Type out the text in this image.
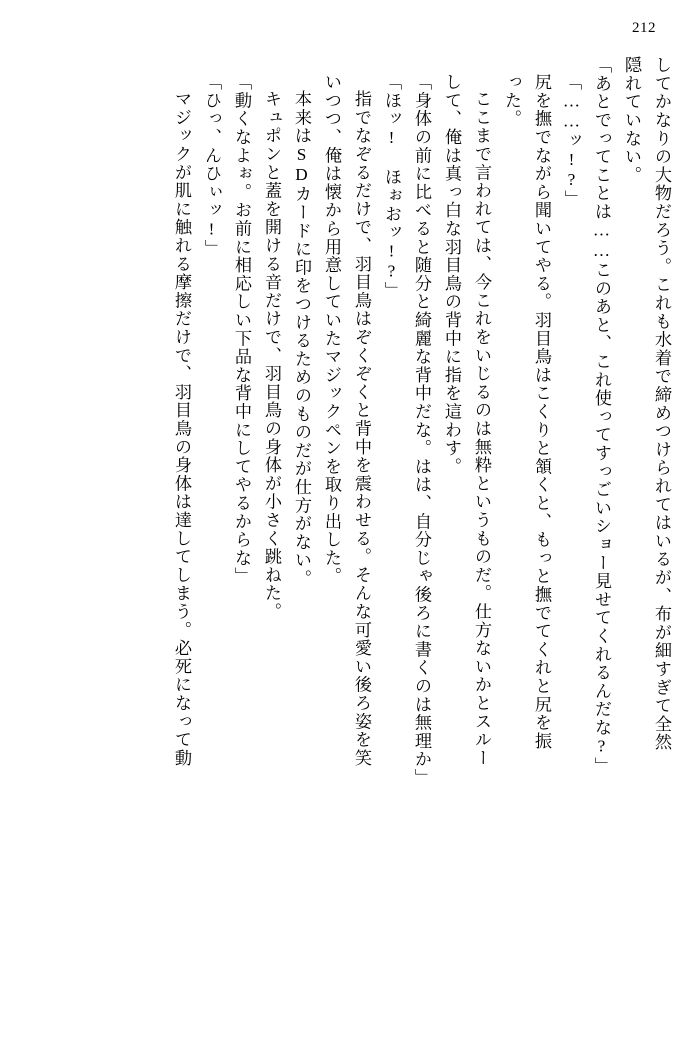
212
してかなりの大物だろう。これも水着で締めつけられてはいるが、布が細すぎて全然
隠れていない。
「あとでってことは……このあと、これ使ってすっごいショー見せてくれるんだな?」
「……ッ!?」
尻を撫でながら聞いてやる。羽目鳥はこくりと頷くと、もっと撫でてくれと尻を振
った。
ここまで言われては、今これをいじるのは無粋というものだ。仕方ないかとスルー
して、俺は真っ白な羽目鳥の背中に指を這わす。
「身体の前に比べると随分と綺麗な背中だな。はは、自分じゃ後ろに書くのは無理か」
「ほッ! ほぉおッ!?」
指でなぞるだけで、羽目鳥はぞくぞくと背中を震わせる。そんな可愛い後ろ姿を笑
いつつ、俺は懐から用意していたマジックペンを取り出した。
本来はSDカードに印をつけるためのものだが仕方がない。
キュポンと蓋を開ける音だけで、羽目鳥の身体が小さく跳ねた。
「動くなよぉ。お前に相応しい下品な背中にしてやるからな」
「ひっ、んひぃッ!」
マジックが肌に触れる摩擦だけで、羽目鳥の身体は達してしまう。必死になって動
